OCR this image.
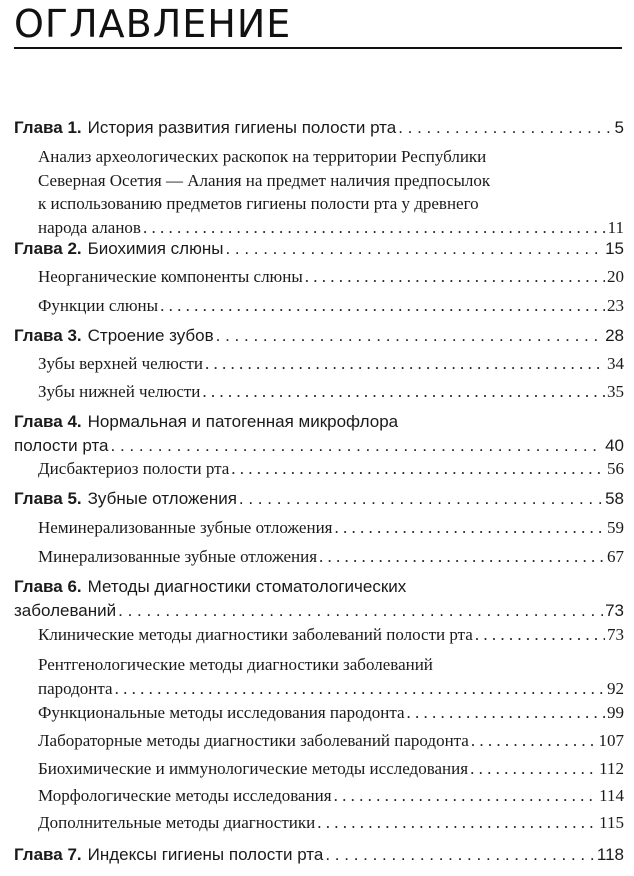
ОГЛАВЛЕНИЕ
Глава 1. История развития гигиены полости рта . . .	5
Анализ археологических раскопок на территории Республики
Северная Осетия — Алания на предмет наличия предпосылок
к использованию предметов гигиены полости рта у древнего
народа аланов . . .	11
Глава 2. Биохимия слюны . . .	15
Неорганические компоненты слюны . . .	20
Функции слюны . . .	23
Глава 3. Строение зубов . . .	28
Зубы верхней челюсти . . .	34
Зубы нижней челюсти . . .	35
Глава 4. Нормальная и патогенная микрофлора
полости рта . . .	40
Дисбактериоз полости рта . . .	56
Глава 5. Зубные отложения . . .	58
Неминерализованные зубные отложения . . .	59
Минерализованные зубные отложения . . .	67
Глава 6. Методы диагностики стоматологических
заболеваний . . .	73
Клинические методы диагностики заболеваний полости рта . . .	73
Рентгенологические методы диагностики заболеваний
пародонта . . .	92
Функциональные методы исследования пародонта . . .	99
Лабораторные методы диагностики заболеваний пародонта . . .	107
Биохимические и иммунологические методы исследования . . .	112
Морфологические методы исследования . . .	114
Дополнительные методы диагностики . . .	115
Глава 7. Индексы гигиены полости рта . . .	118
